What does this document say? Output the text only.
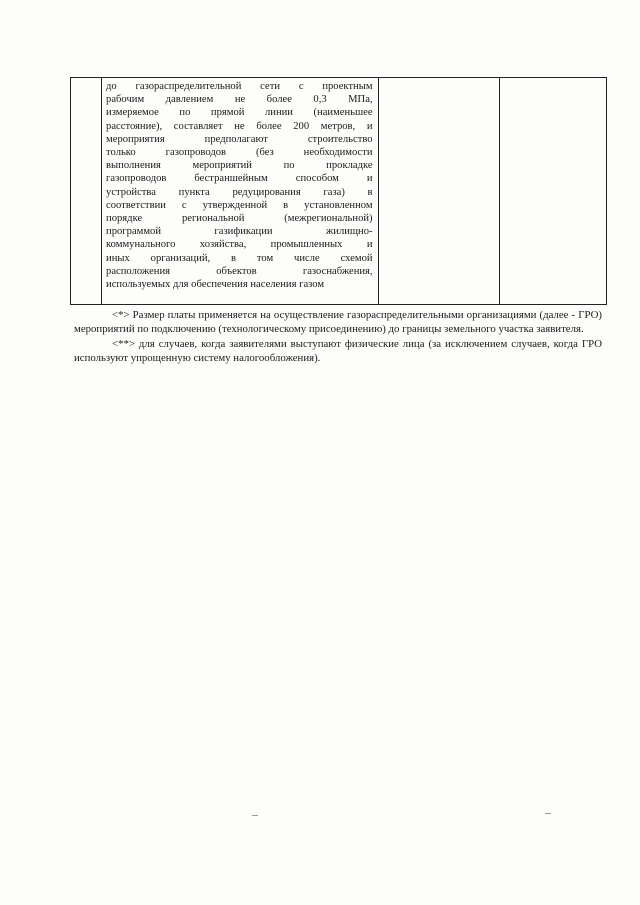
до газораспределительной сети с проектным
рабочим давлением не более 0,3 МПа,
измеряемое по прямой линии (наименьшее
расстояние), составляет не более 200 метров, и
мероприятия предполагают строительство
только газопроводов (без необходимости
выполнения мероприятий по прокладке
газопроводов бестраншейным способом и
устройства пункта редуцирования газа) в
соответствии с утвержденной в установленном
порядке региональной (межрегиональной)
программой газификации жилищно-
коммунального хозяйства, промышленных и
иных организаций, в том числе схемой
расположения объектов газоснабжения,
используемых для обеспечения населения газом

<*> Размер платы применяется на осуществление газораспределительными организациями (далее - ГРО) мероприятий по подключению (технологическому присоединению) до границы земельного участка заявителя.

<**> для случаев, когда заявителями выступают физические лица (за исключением случаев, когда ГРО используют упрощенную систему налогообложения).
